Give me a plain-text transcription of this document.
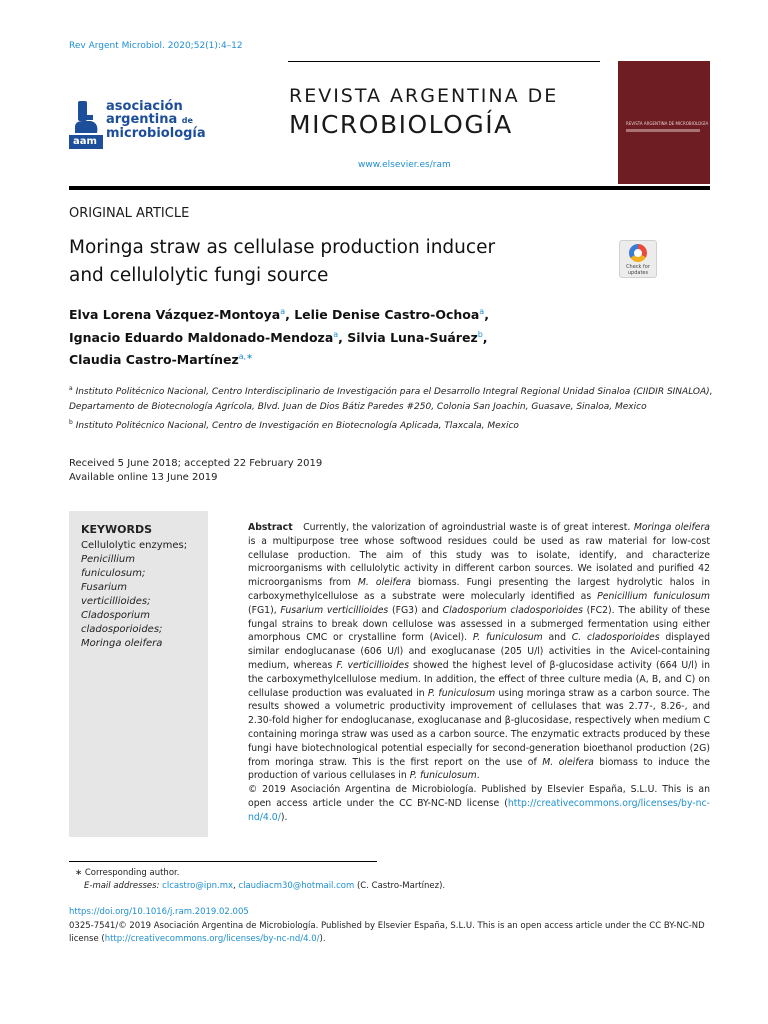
Rev Argent Microbiol. 2020;52(1):4–12
aam
asociación
argentina de
microbiología
REVISTA ARGENTINA DE
MICROBIOLOGÍA
www.elsevier.es/ram
REVISTA ARGENTINA DE MICROBIOLOGÍA
ORIGINAL ARTICLE
Moringa straw as cellulase production inducer
and cellulolytic fungi source	Check for updates
Elva Lorena Vázquez-Montoya$^a$, Lelie Denise Castro-Ochoa$^a$,
Ignacio Eduardo Maldonado-Mendoza$^a$, Silvia Luna-Suárez$^b$,
Claudia Castro-Martínez$^{a,∗}$
$^a$ Instituto Politécnico Nacional, Centro Interdisciplinario de Investigación para el Desarrollo Integral Regional Unidad Sinaloa (CIIDIR SINALOA), Departamento de Biotecnología Agrícola, Blvd. Juan de Dios Bátiz Paredes #250, Colonia San Joachin, Guasave, Sinaloa, Mexico
$^b$ Instituto Politécnico Nacional, Centro de Investigación en Biotecnología Aplicada, Tlaxcala, Mexico
Received 5 June 2018; accepted 22 February 2019
Available online 13 June 2019
KEYWORDS
Cellulolytic enzymes;
Penicillium
funiculosum;
Fusarium
verticillioides;
Cladosporium
cladosporioides;
Moringa oleifera
Abstract Currently, the valorization of agroindustrial waste is of great interest. Moringa oleifera is a multipurpose tree whose softwood residues could be used as raw material for low-cost cellulase production. The aim of this study was to isolate, identify, and characterize microorganisms with cellulolytic activity in different carbon sources. We isolated and purified 42 microorganisms from M. oleifera biomass. Fungi presenting the largest hydrolytic halos in carboxymethylcellulose as a substrate were molecularly identified as Penicillium funiculosum (FG1), Fusarium verticillioides (FG3) and Cladosporium cladosporioides (FC2). The ability of these fungal strains to break down cellulose was assessed in a submerged fermentation using either amorphous CMC or crystalline form (Avicel). P. funiculosum and C. cladosporioides displayed similar endoglucanase (606 U/l) and exoglucanase (205 U/l) activities in the Avicel-containing medium, whereas F. verticillioides showed the highest level of β-glucosidase activity (664 U/l) in the carboxymethylcellulose medium. In addition, the effect of three culture media (A, B, and C) on cellulase production was evaluated in P. funiculosum using moringa straw as a carbon source. The results showed a volumetric productivity improvement of cellulases that was 2.77-, 8.26-, and 2.30-fold higher for endoglucanase, exoglucanase and β-glucosidase, respectively when medium C containing moringa straw was used as a carbon source. The enzymatic extracts produced by these fungi have biotechnological potential especially for second-generation bioethanol production (2G) from moringa straw. This is the first report on the use of M. oleifera biomass to induce the production of various cellulases in P. funiculosum.
© 2019 Asociación Argentina de Microbiología. Published by Elsevier España, S.L.U. This is an open access article under the CC BY-NC-ND license (http://creativecommons.org/licenses/by-nc-nd/4.0/).
∗ Corresponding author.
E-mail addresses: clcastro@ipn.mx, claudiacm30@hotmail.com (C. Castro-Martínez).
https://doi.org/10.1016/j.ram.2019.02.005
0325-7541/© 2019 Asociación Argentina de Microbiología. Published by Elsevier España, S.L.U. This is an open access article under the CC BY-NC-ND license (http://creativecommons.org/licenses/by-nc-nd/4.0/).
